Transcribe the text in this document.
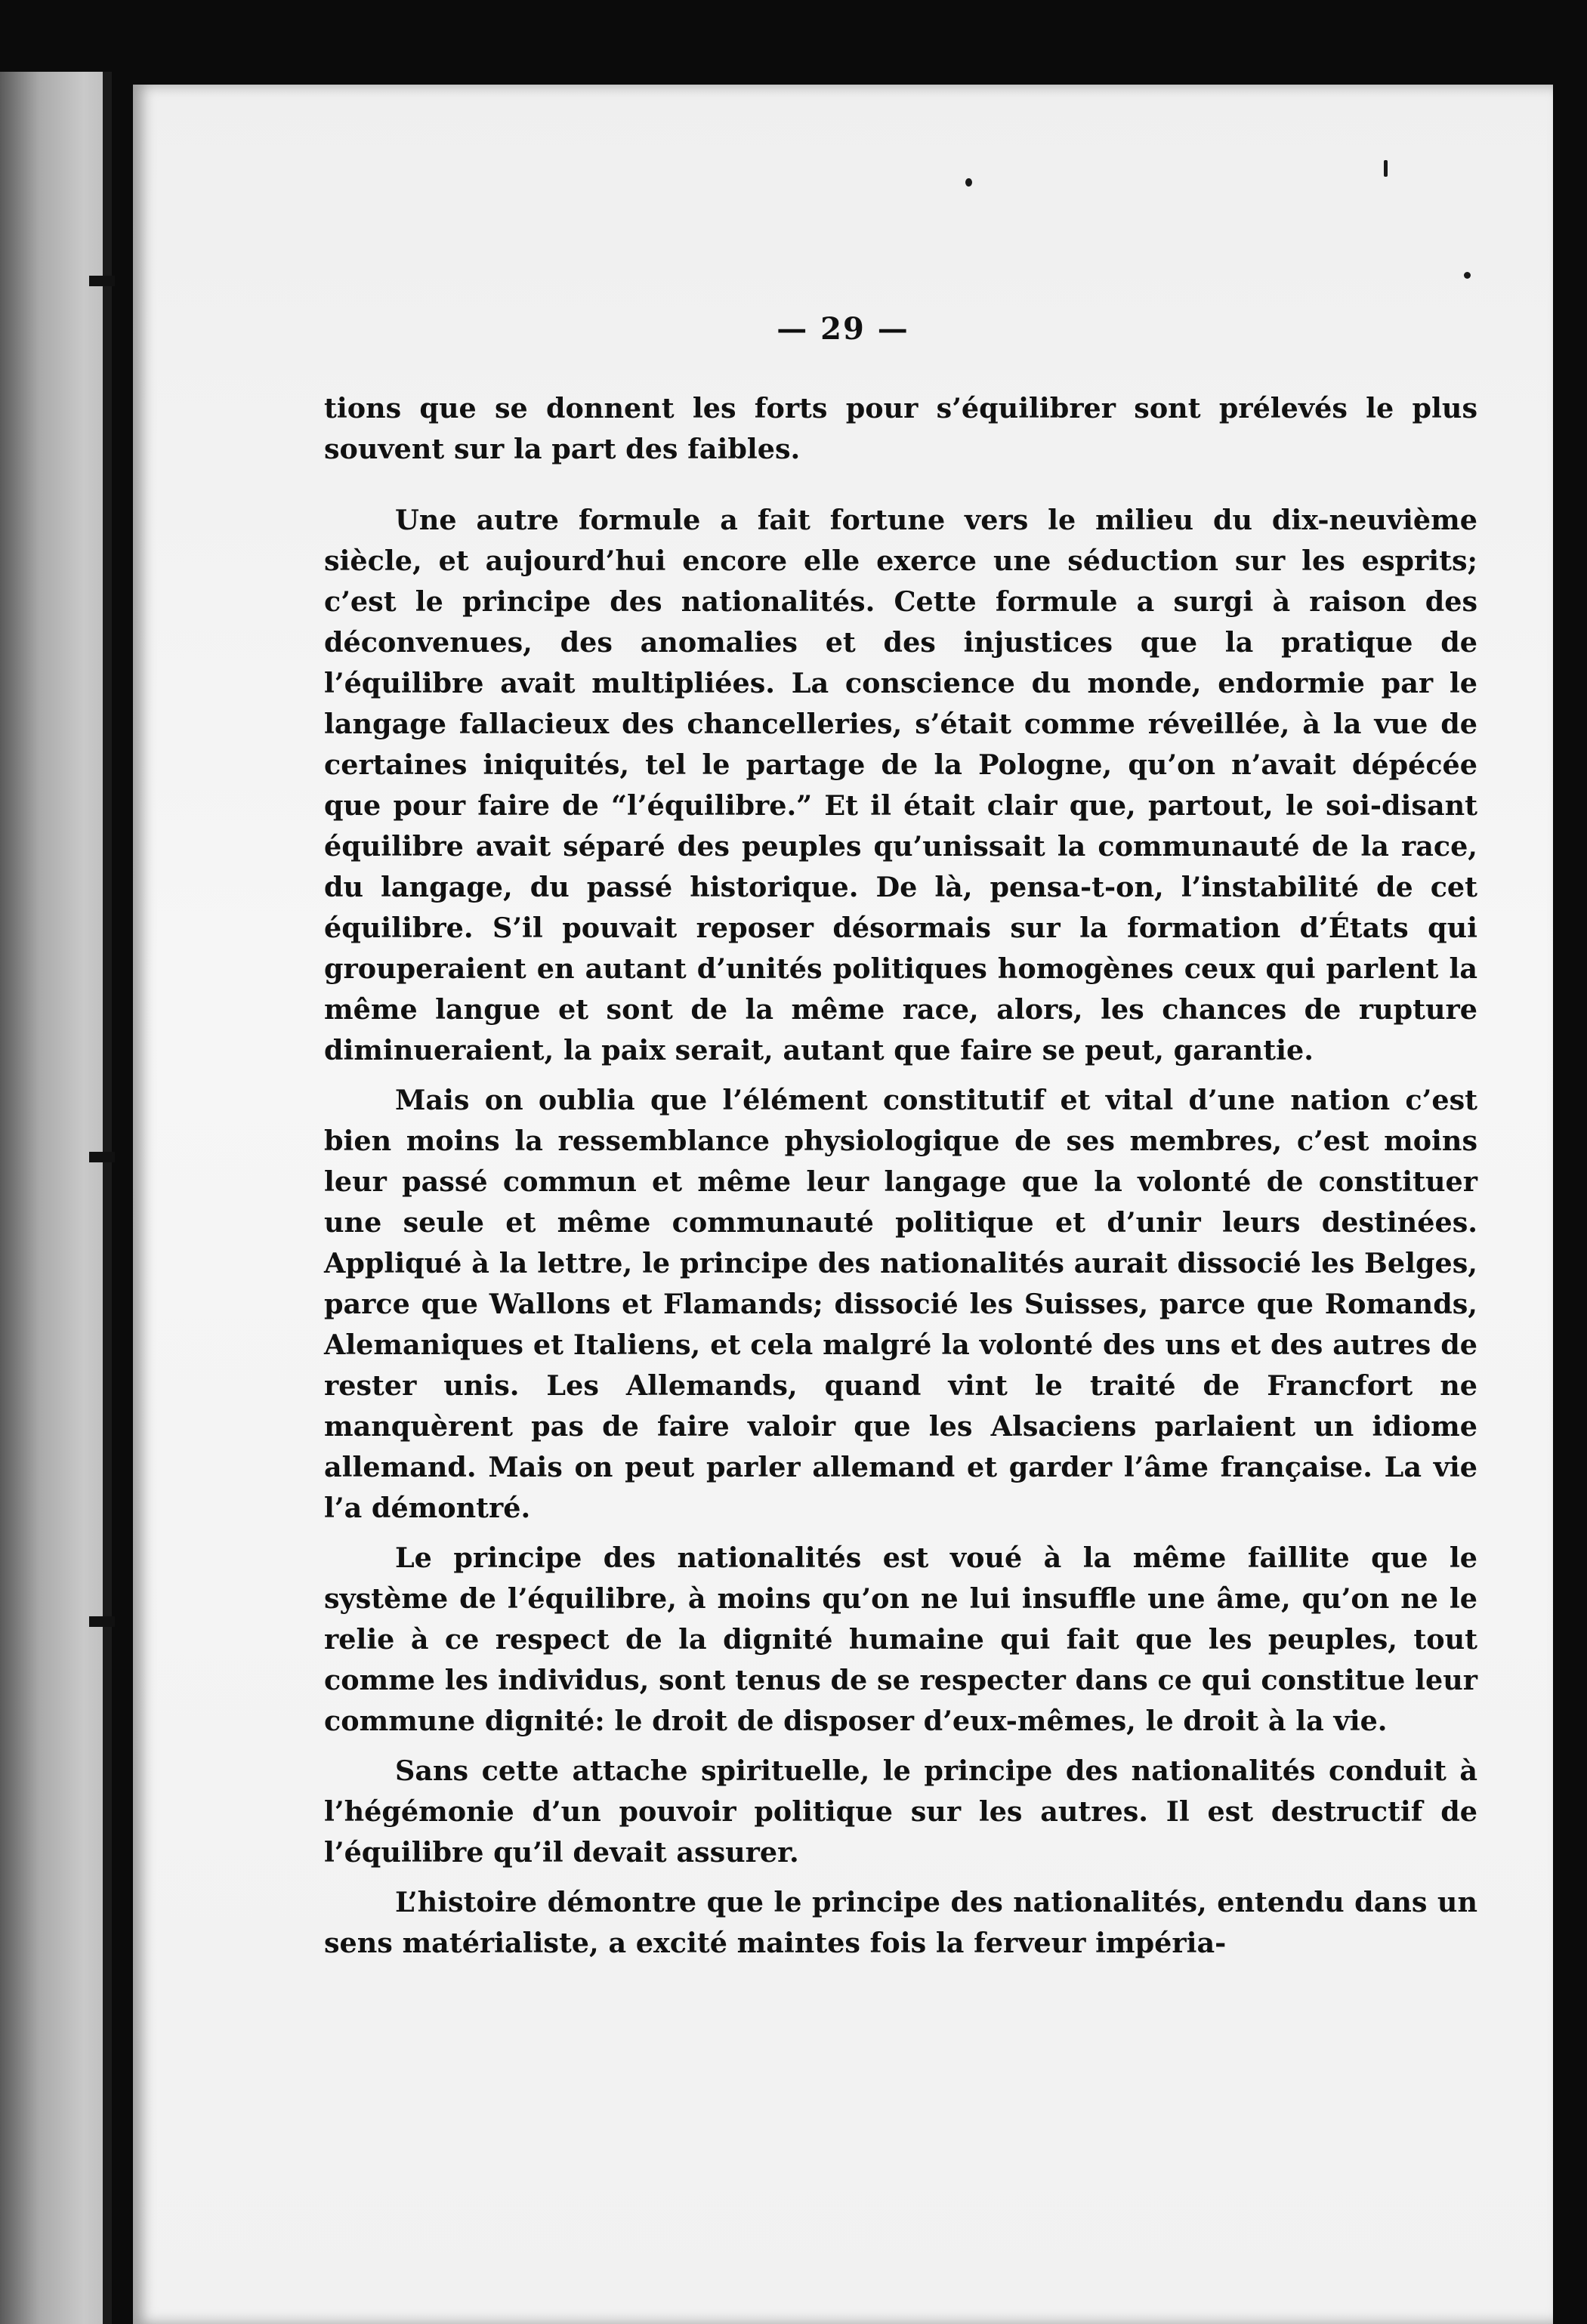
— 29 —

tions que se donnent les forts pour s’équilibrer sont prélevés le plus souvent sur la part des faibles.

Une autre formule a fait fortune vers le milieu du dix-neuvième siècle, et aujourd’hui encore elle exerce une séduction sur les esprits; c’est le principe des nationalités. Cette formule a surgi à raison des déconvenues, des anomalies et des injustices que la pratique de l’équilibre avait multipliées. La conscience du monde, endormie par le langage fallacieux des chancelleries, s’était comme réveillée, à la vue de certaines iniquités, tel le partage de la Pologne, qu’on n’avait dépécée que pour faire de “l’équilibre.” Et il était clair que, partout, le soi-disant équilibre avait séparé des peuples qu’unissait la communauté de la race, du langage, du passé historique. De là, pensa-t-on, l’instabilité de cet équilibre. S’il pouvait reposer désormais sur la formation d’États qui grouperaient en autant d’unités politiques homogènes ceux qui parlent la même langue et sont de la même race, alors, les chances de rupture diminueraient, la paix serait, autant que faire se peut, garantie.

Mais on oublia que l’élément constitutif et vital d’une nation c’est bien moins la ressemblance physiologique de ses membres, c’est moins leur passé commun et même leur langage que la volonté de constituer une seule et même communauté politique et d’unir leurs destinées. Appliqué à la lettre, le principe des nationalités aurait dissocié les Belges, parce que Wallons et Flamands; dissocié les Suisses, parce que Romands, Alemaniques et Italiens, et cela malgré la volonté des uns et des autres de rester unis. Les Allemands, quand vint le traité de Francfort ne manquèrent pas de faire valoir que les Alsaciens parlaient un idiome allemand. Mais on peut parler allemand et garder l’âme française. La vie l’a démontré.

Le principe des nationalités est voué à la même faillite que le système de l’équilibre, à moins qu’on ne lui insuffle une âme, qu’on ne le relie à ce respect de la dignité humaine qui fait que les peuples, tout comme les individus, sont tenus de se respecter dans ce qui constitue leur commune dignité: le droit de disposer d’eux-mêmes, le droit à la vie.

Sans cette attache spirituelle, le principe des nationalités conduit à l’hégémonie d’un pouvoir politique sur les autres. Il est destructif de l’équilibre qu’il devait assurer.

L’histoire démontre que le principe des nationalités, entendu dans un sens matérialiste, a excité maintes fois la ferveur impéria-
